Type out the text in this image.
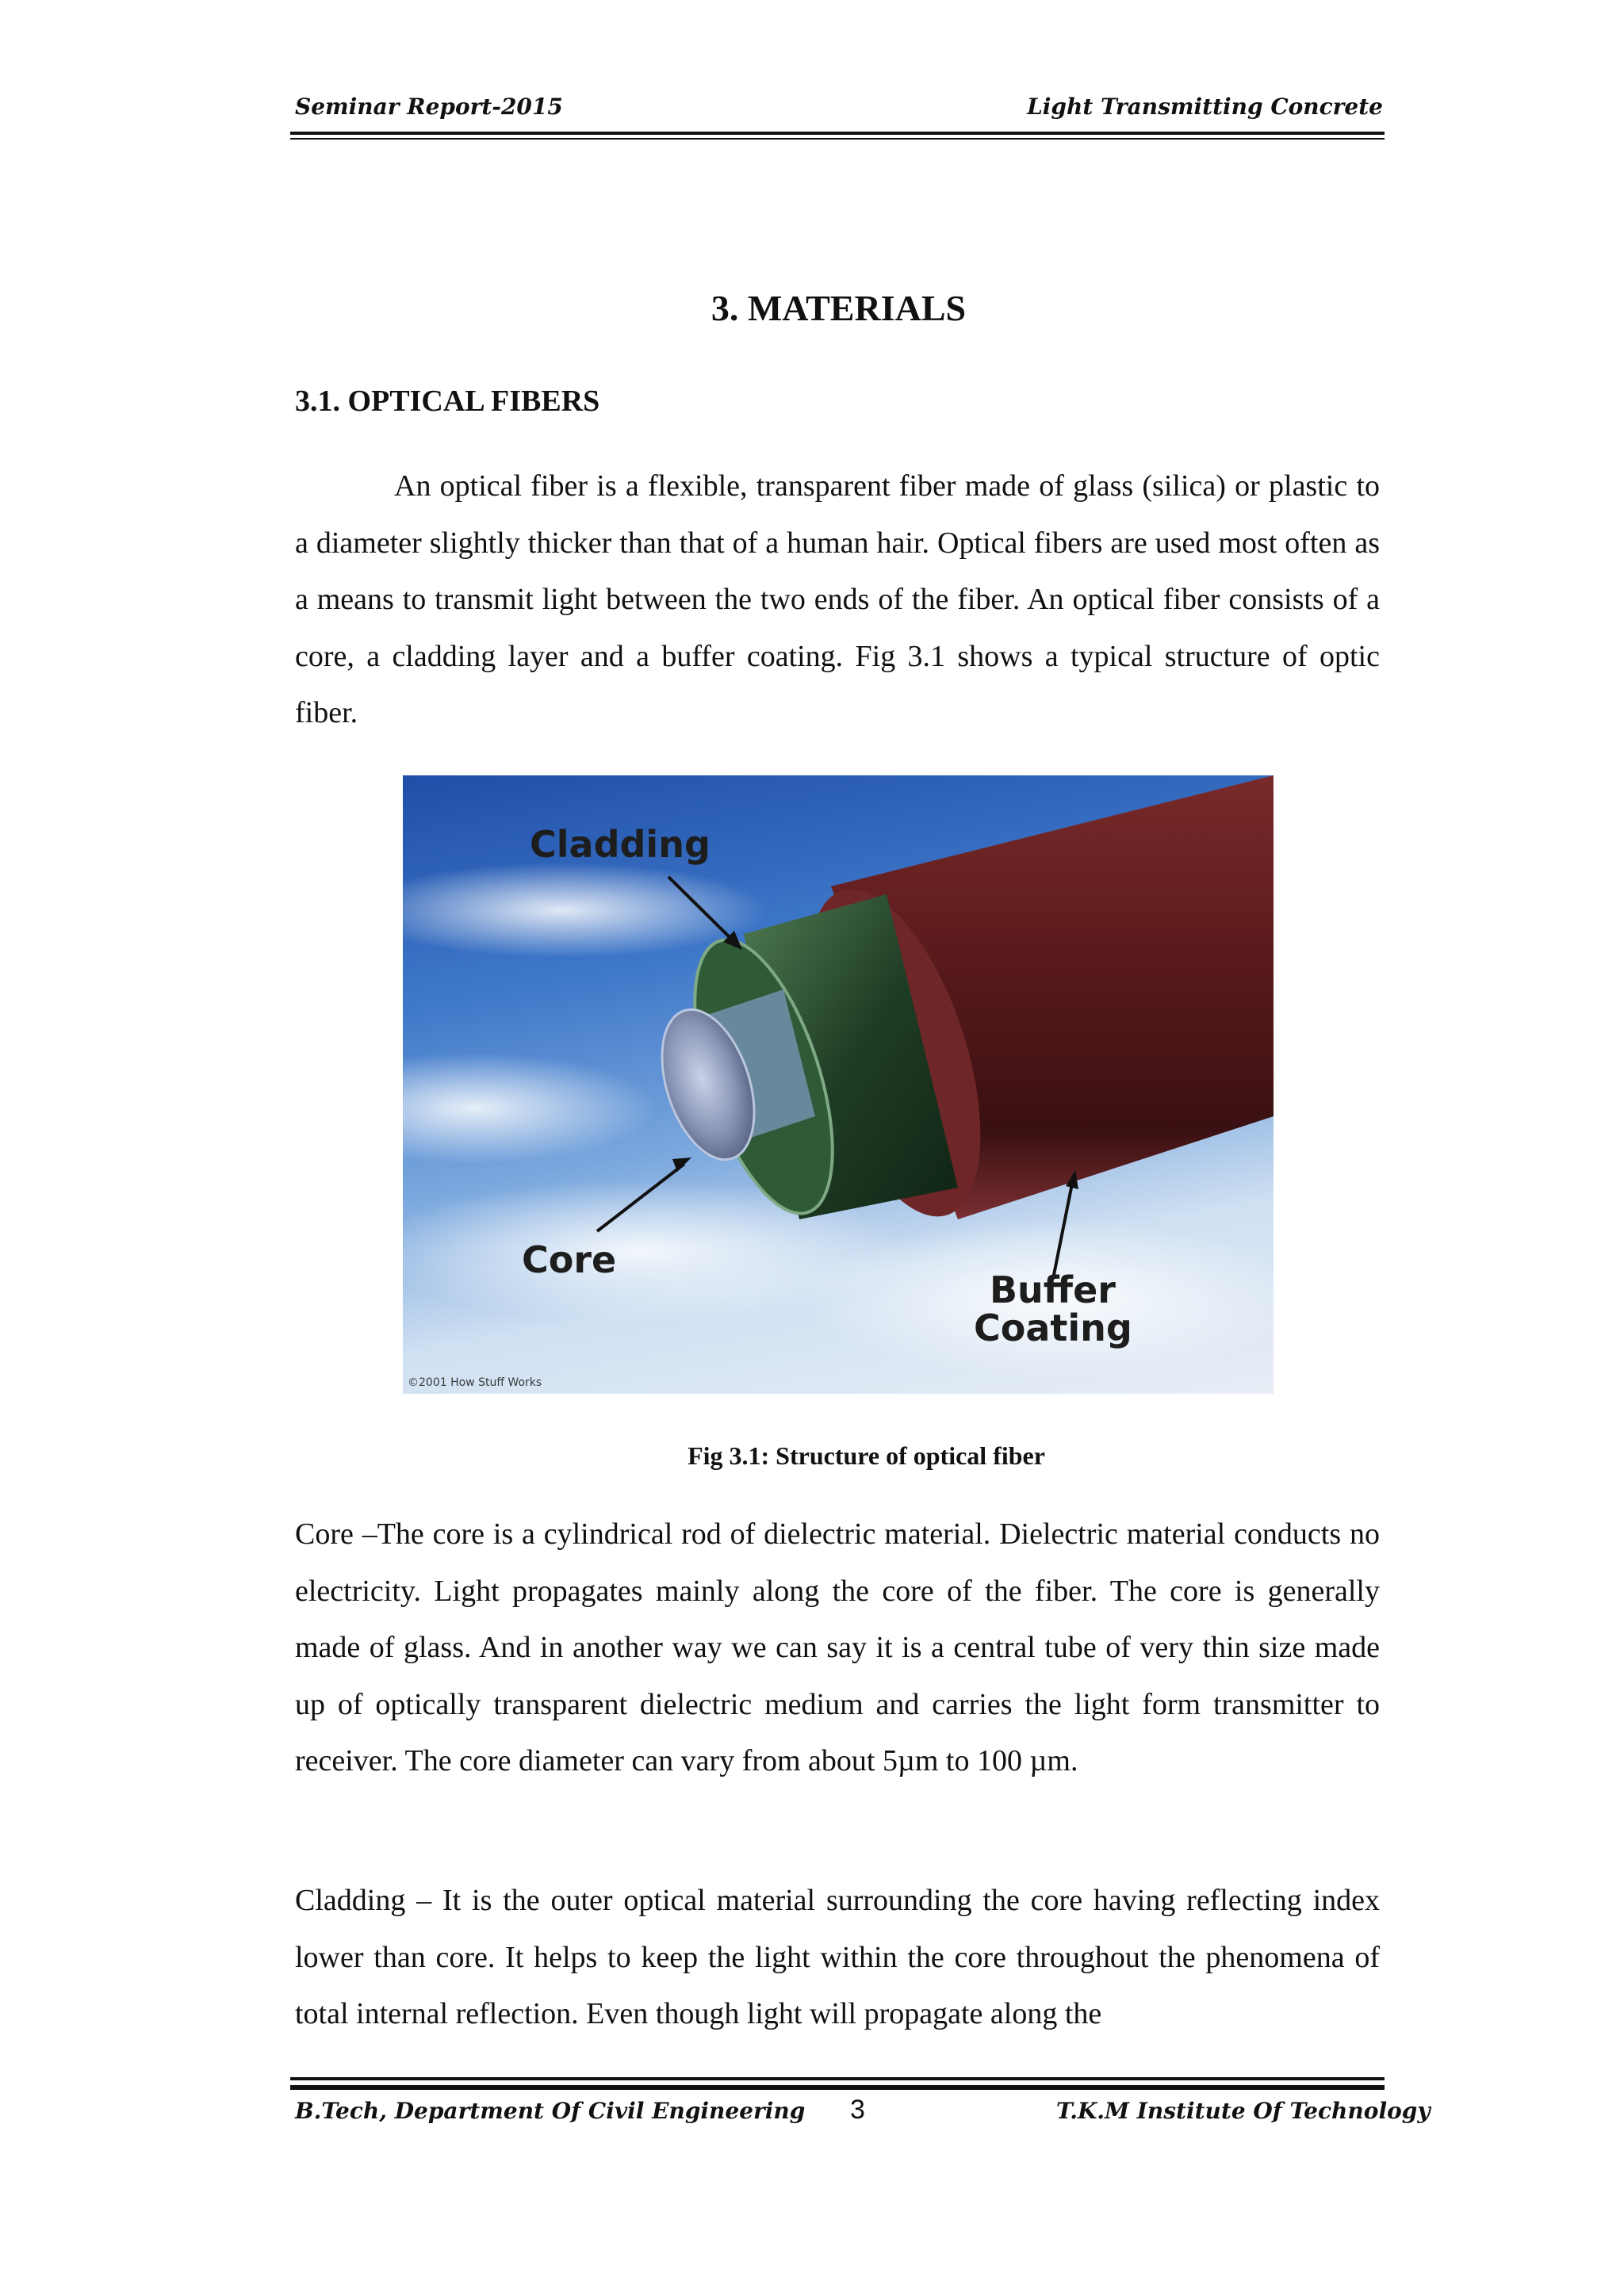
Seminar Report-2015	Light Transmitting Concrete
3. MATERIALS
3.1. OPTICAL FIBERS
An optical fiber is a flexible, transparent fiber made of glass (silica) or plastic to a diameter slightly thicker than that of a human hair. Optical fibers are used most often as a means to transmit light between the two ends of the fiber. An optical fiber consists of a core, a cladding layer and a buffer coating. Fig 3.1 shows a typical structure of optic fiber.
Cladding
Core
Buffer
Coating
©2001 How Stuff Works
Fig 3.1: Structure of optical fiber
Core –The core is a cylindrical rod of dielectric material. Dielectric material conducts no electricity. Light propagates mainly along the core of the fiber. The core is generally made of glass. And in another way we can say it is a central tube of very thin size made up of optically transparent dielectric medium and carries the light form transmitter to receiver. The core diameter can vary from about 5µm to 100 µm.
Cladding – It is the outer optical material surrounding the core having reflecting index lower than core. It helps to keep the light within the core throughout the phenomena of total internal reflection. Even though light will propagate along the
B.Tech, Department Of Civil Engineering 3	T.K.M Institute Of Technology
